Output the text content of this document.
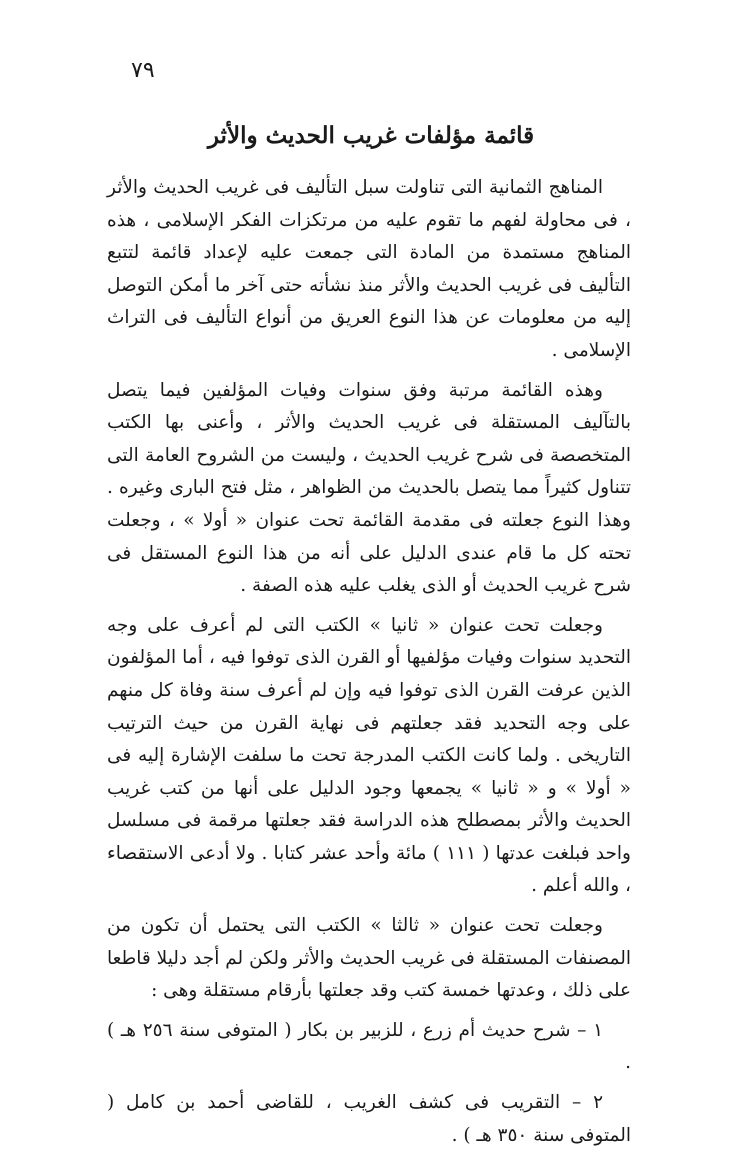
٧٩
قائمة مؤلفات غريب الحديث والأثر

المناهج الثمانية التى تناولت سبل التأليف فى غريب الحديث والأثر ، فى محاولة لفهم ما تقوم عليه من مرتكزات الفكر الإسلامى ، هذه المناهج مستمدة من المادة التى جمعت عليه لإعداد قائمة لتتبع التأليف فى غريب الحديث والأثر منذ نشأته حتى آخر ما أمكن التوصل إليه من معلومات عن هذا النوع العريق من أنواع التأليف فى التراث الإسلامى .

وهذه القائمة مرتبة وفق سنوات وفيات المؤلفين فيما يتصل بالتآليف المستقلة فى غريب الحديث والأثر ، وأعنى بها الكتب المتخصصة فى شرح غريب الحديث ، وليست من الشروح العامة التى تتناول كثيراً مما يتصل بالحديث من الظواهر ، مثل فتح البارى وغيره . وهذا النوع جعلته فى مقدمة القائمة تحت عنوان « أولا » ، وجعلت تحته كل ما قام عندى الدليل على أنه من هذا النوع المستقل فى شرح غريب الحديث أو الذى يغلب عليه هذه الصفة .

وجعلت تحت عنوان « ثانيا » الكتب التى لم أعرف على وجه التحديد سنوات وفيات مؤلفيها أو القرن الذى توفوا فيه ، أما المؤلفون الذين عرفت القرن الذى توفوا فيه وإن لم أعرف سنة وفاة كل منهم على وجه التحديد فقد جعلتهم فى نهاية القرن من حيث الترتيب التاريخى . ولما كانت الكتب المدرجة تحت ما سلفت الإشارة إليه فى « أولا » و « ثانيا » يجمعها وجود الدليل على أنها من كتب غريب الحديث والأثر بمصطلح هذه الدراسة فقد جعلتها مرقمة فى مسلسل واحد فبلغت عدتها ( ١١١ ) مائة وأحد عشر كتابا . ولا أدعى الاستقصاء ، والله أعلم .

وجعلت تحت عنوان « ثالثا » الكتب التى يحتمل أن تكون من المصنفات المستقلة فى غريب الحديث والأثر ولكن لم أجد دليلا قاطعا على ذلك ، وعدتها خمسة كتب وقد جعلتها بأرقام مستقلة وهى :

١ – شرح حديث أم زرع ، للزبير بن بكار ( المتوفى سنة ٢٥٦ هـ ) .

٢ – التقريب فى كشف الغريب ، للقاضى أحمد بن كامل ( المتوفى سنة ٣٥٠ هـ ) .
